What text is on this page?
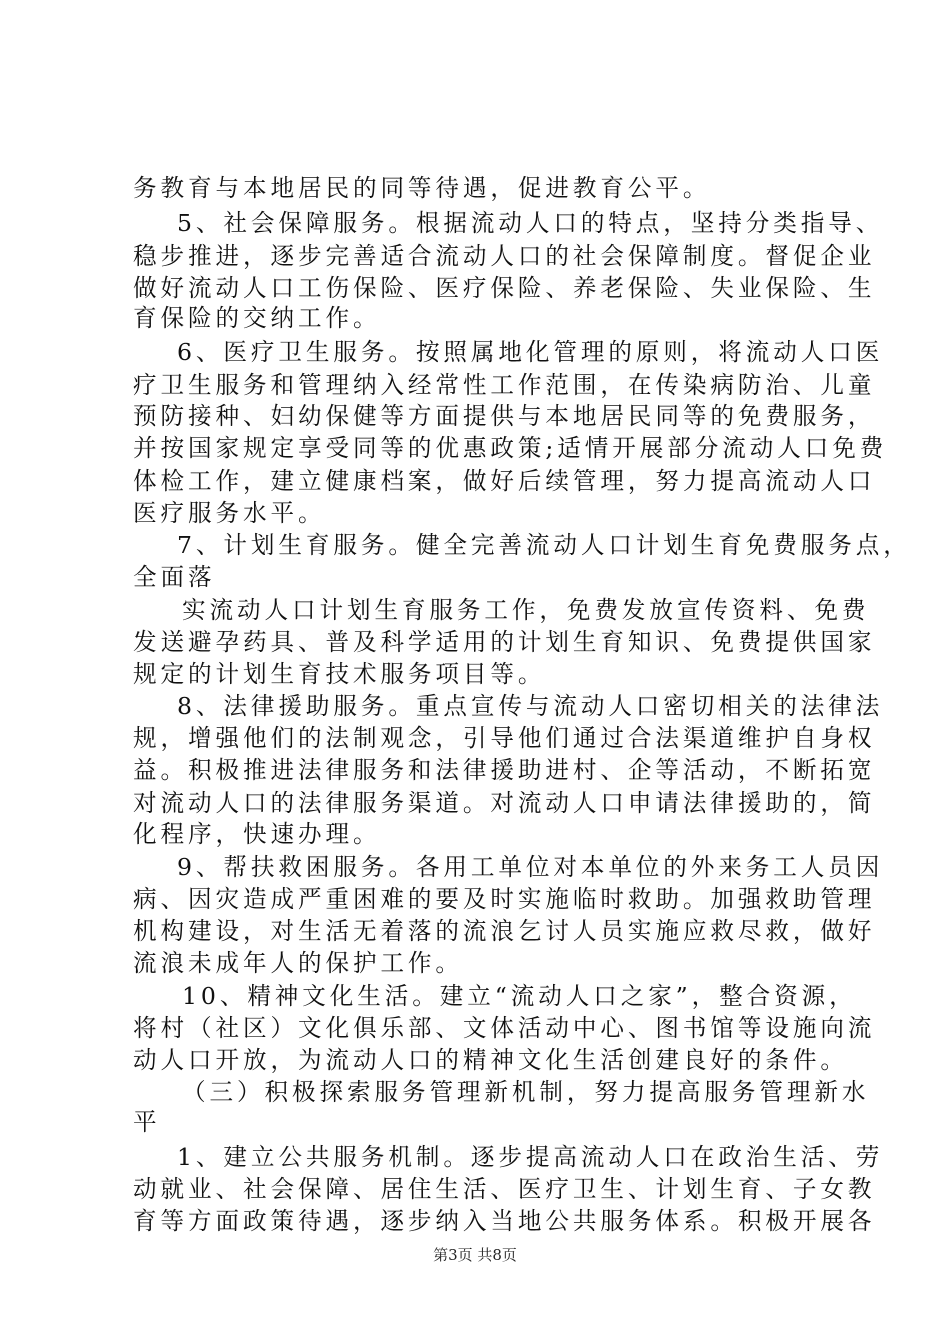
务教育与本地居民的同等待遇，促进教育公平。
5、社会保障服务。根据流动人口的特点，坚持分类指导、
稳步推进，逐步完善适合流动人口的社会保障制度。督促企业
做好流动人口工伤保险、医疗保险、养老保险、失业保险、生
育保险的交纳工作。
6、医疗卫生服务。按照属地化管理的原则，将流动人口医
疗卫生服务和管理纳入经常性工作范围，在传染病防治、儿童
预防接种、妇幼保健等方面提供与本地居民同等的免费服务，
并按国家规定享受同等的优惠政策;适情开展部分流动人口免费
体检工作，建立健康档案，做好后续管理，努力提高流动人口
医疗服务水平。
7、计划生育服务。健全完善流动人口计划生育免费服务点，
全面落
实流动人口计划生育服务工作，免费发放宣传资料、免费
发送避孕药具、普及科学适用的计划生育知识、免费提供国家
规定的计划生育技术服务项目等。
8、法律援助服务。重点宣传与流动人口密切相关的法律法
规，增强他们的法制观念，引导他们通过合法渠道维护自身权
益。积极推进法律服务和法律援助进村、企等活动，不断拓宽
对流动人口的法律服务渠道。对流动人口申请法律援助的，简
化程序，快速办理。
9、帮扶救困服务。各用工单位对本单位的外来务工人员因
病、因灾造成严重困难的要及时实施临时救助。加强救助管理
机构建设，对生活无着落的流浪乞讨人员实施应救尽救，做好
流浪未成年人的保护工作。
10、精神文化生活。建立“流动人口之家”，整合资源，
将村（社区）文化俱乐部、文体活动中心、图书馆等设施向流
动人口开放，为流动人口的精神文化生活创建良好的条件。
（三）积极探索服务管理新机制，努力提高服务管理新水
平
1、建立公共服务机制。逐步提高流动人口在政治生活、劳
动就业、社会保障、居住生活、医疗卫生、计划生育、子女教
育等方面政策待遇，逐步纳入当地公共服务体系。积极开展各
第3页 共8页
